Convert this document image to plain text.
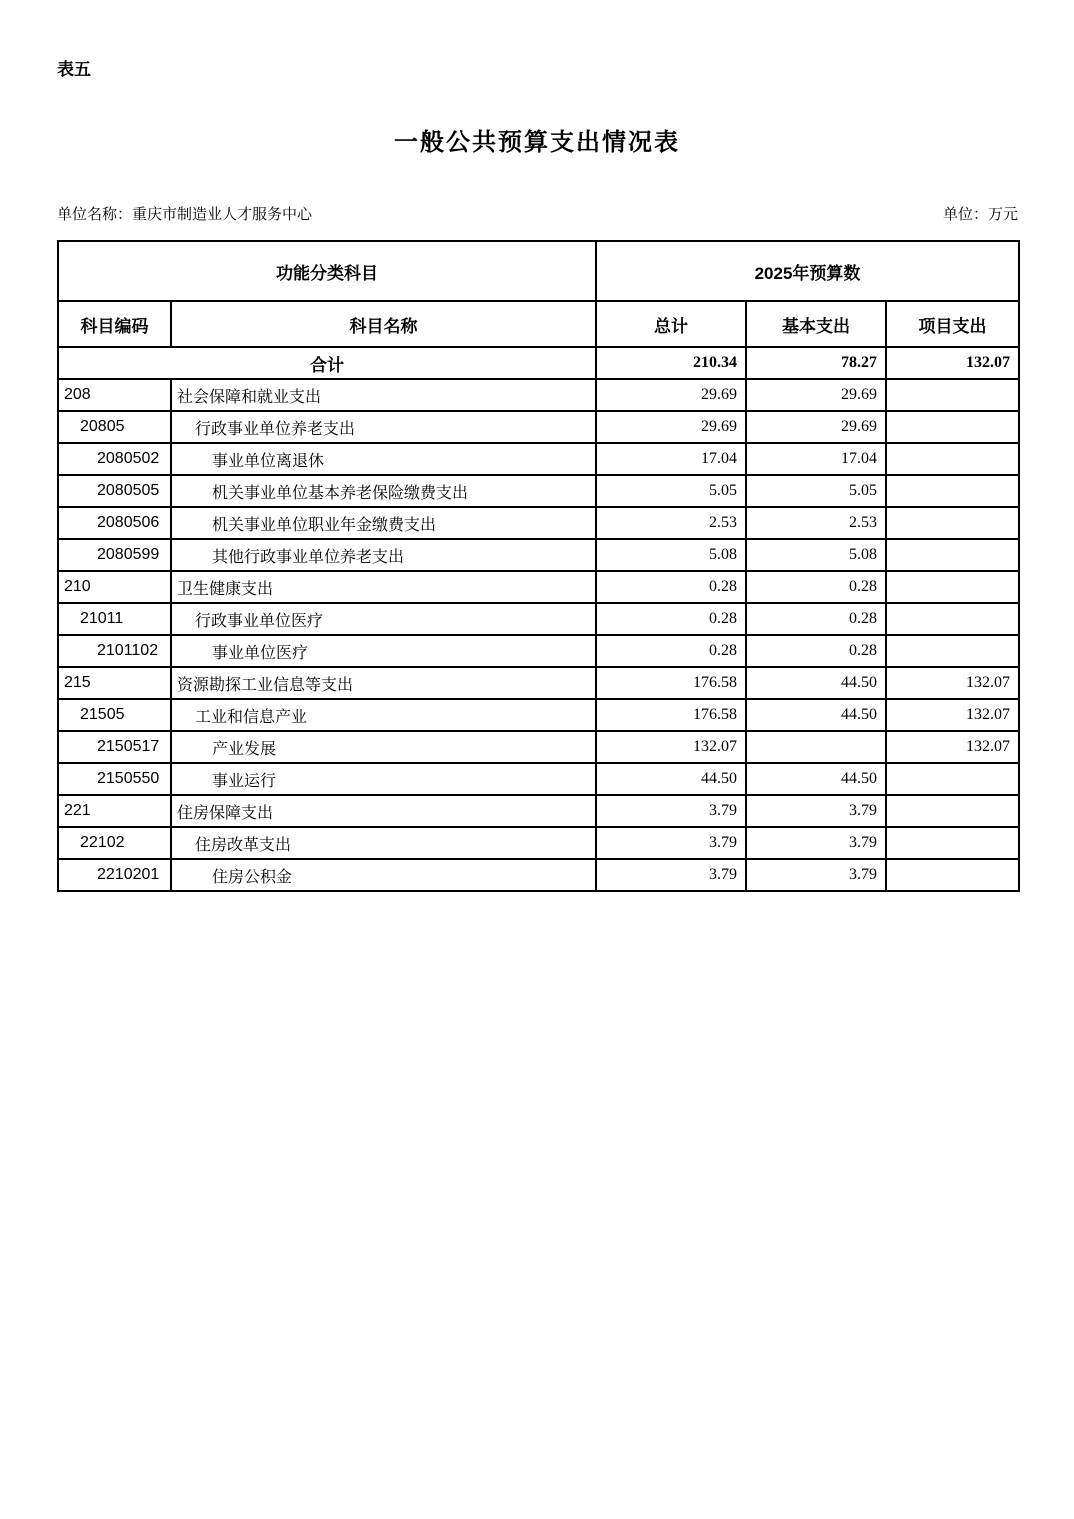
表五
一般公共预算支出情况表
单位名称：重庆市制造业人才服务中心	单位：万元
功能分类科目		2025年预算数		
科目编码	科目名称	总计	基本支出	项目支出
合计		210.34	78.27	132.07
208	社会保障和就业支出	29.69	29.69	
20805	行政事业单位养老支出	29.69	29.69	
2080502	事业单位离退休	17.04	17.04	
2080505	机关事业单位基本养老保险缴费支出	5.05	5.05	
2080506	机关事业单位职业年金缴费支出	2.53	2.53	
2080599	其他行政事业单位养老支出	5.08	5.08	
210	卫生健康支出	0.28	0.28	
21011	行政事业单位医疗	0.28	0.28	
2101102	事业单位医疗	0.28	0.28	
215	资源勘探工业信息等支出	176.58	44.50	132.07
21505	工业和信息产业	176.58	44.50	132.07
2150517	产业发展	132.07		132.07
2150550	事业运行	44.50	44.50	
221	住房保障支出	3.79	3.79	
22102	住房改革支出	3.79	3.79	
2210201	住房公积金	3.79	3.79	
